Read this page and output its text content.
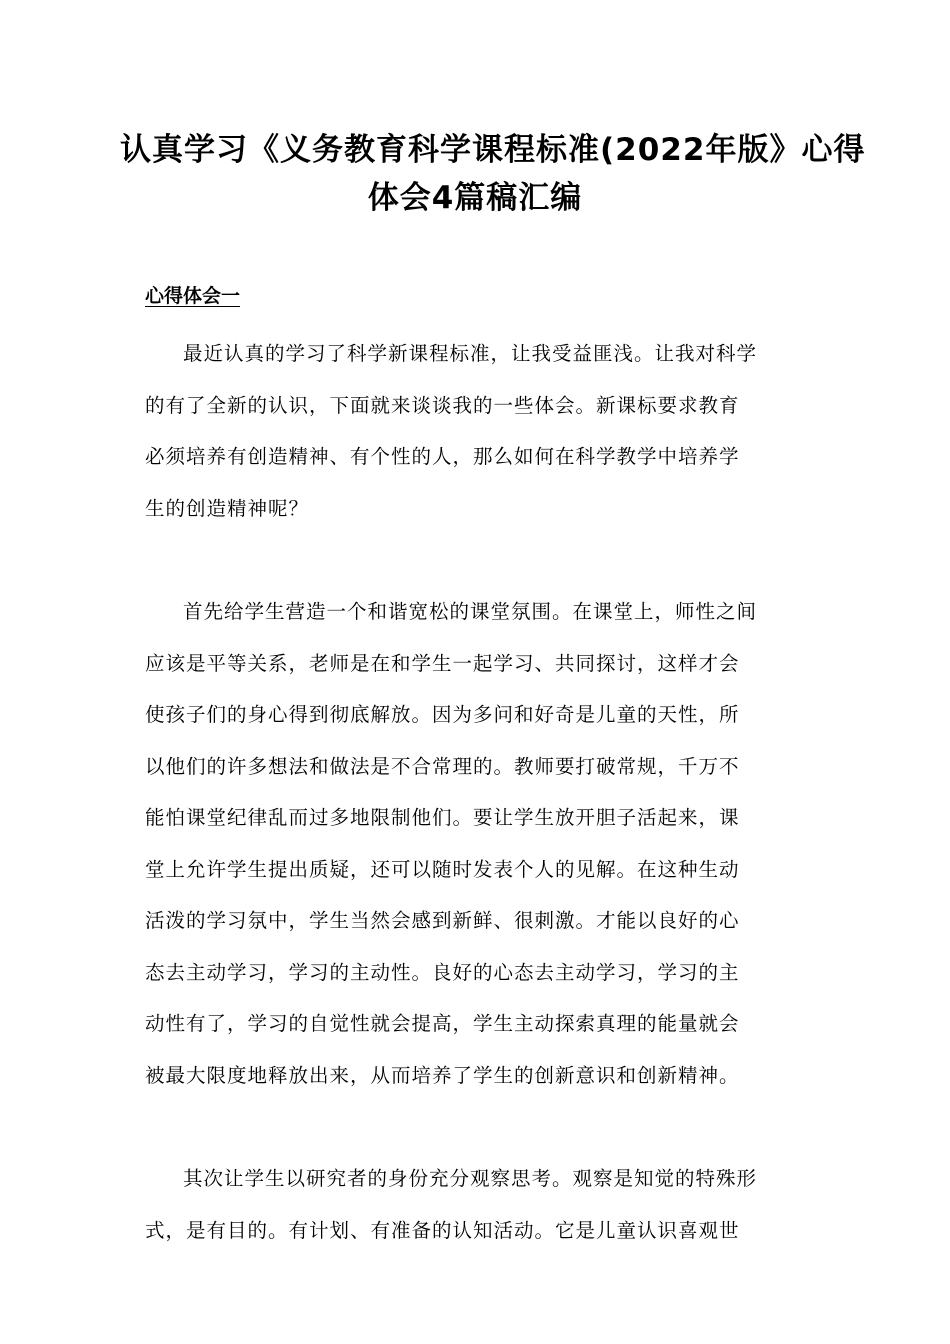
认真学习《义务教育科学课程标准(2022年版》心得
体会4篇稿汇编
心得体会一
最近认真的学习了科学新课程标准，让我受益匪浅。让我对科学
的有了全新的认识，下面就来谈谈我的一些体会。新课标要求教育
必须培养有创造精神、有个性的人，那么如何在科学教学中培养学
生的创造精神呢？
首先给学生营造一个和谐宽松的课堂氛围。在课堂上，师性之间
应该是平等关系，老师是在和学生一起学习、共同探讨，这样才会
使孩子们的身心得到彻底解放。因为多问和好奇是儿童的天性，所
以他们的许多想法和做法是不合常理的。教师要打破常规，千万不
能怕课堂纪律乱而过多地限制他们。要让学生放开胆子活起来，课
堂上允许学生提出质疑，还可以随时发表个人的见解。在这种生动
活泼的学习氛中，学生当然会感到新鲜、很刺激。才能以良好的心
态去主动学习，学习的主动性。良好的心态去主动学习，学习的主
动性有了，学习的自觉性就会提高，学生主动探索真理的能量就会
被最大限度地释放出来，从而培养了学生的创新意识和创新精神。
其次让学生以研究者的身份充分观察思考。观察是知觉的特殊形
式，是有目的。有计划、有准备的认知活动。它是儿童认识喜观世
